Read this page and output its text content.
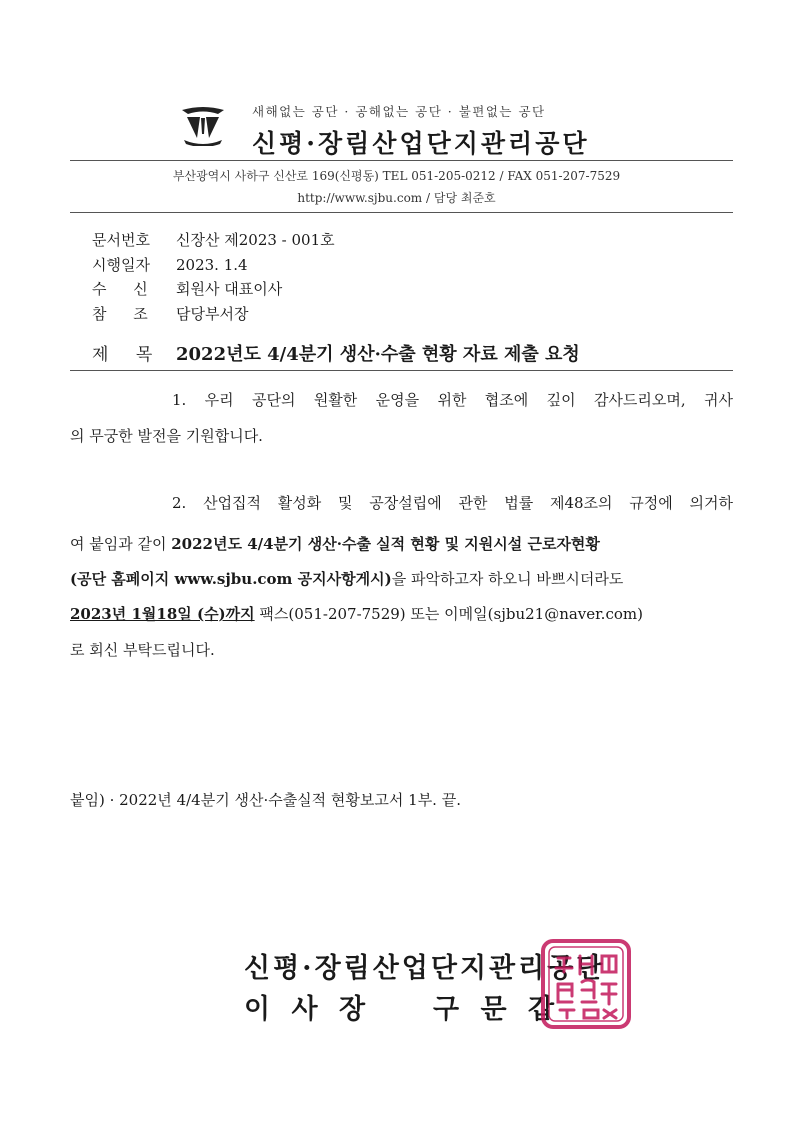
새해없는 공단 · 공해없는 공단 · 불편없는 공단
신평·장림산업단지관리공단
부산광역시 사하구 신산로 169(신평동) TEL 051-205-0212 / FAX 051-207-7529
http://www.sjbu.com / 담당 최준호
문서번호 신장산 제2023 - 001호
시행일자 2023. 1.4
수 신 회원사 대표이사
참 조 담당부서장
제 목 2022년도 4/4분기 생산·수출 현황 자료 제출 요청
1. 우리 공단의 원활한 운영을 위한 협조에 깊이 감사드리오며, 귀사
의 무궁한 발전을 기원합니다.
2. 산업집적 활성화 및 공장설립에 관한 법률 제48조의 규정에 의거하
여 붙임과 같이 2022년도 4/4분기 생산·수출 실적 현황 및 지원시설 근로자현황
(공단 홈페이지 www.sjbu.com 공지사항게시)을 파악하고자 하오니 바쁘시더라도
2023년 1월18일 (수)까지 팩스(051-207-7529) 또는 이메일(sjbu21@naver.com)
로 회신 부탁드립니다.
붙임) · 2022년 4/4분기 생산·수출실적 현황보고서 1부. 끝.
신평·장림산업단지관리공단
이 사 장 구 문 갑
